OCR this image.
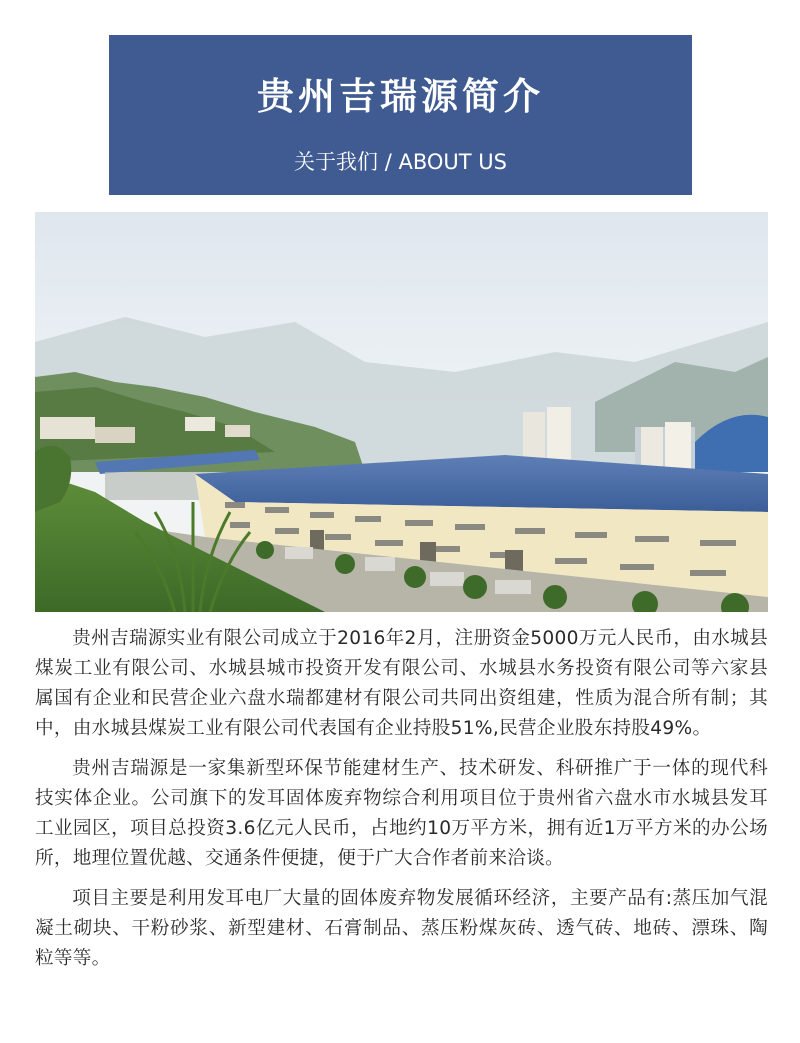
贵州吉瑞源简介
关于我们 / ABOUT US

贵州吉瑞源实业有限公司成立于2016年2月，注册资金5000万元人民币，由水城县煤炭工业有限公司、水城县城市投资开发有限公司、水城县水务投资有限公司等六家县属国有企业和民营企业六盘水瑞都建材有限公司共同出资组建，性质为混合所有制；其中，由水城县煤炭工业有限公司代表国有企业持股51%,民营企业股东持股49%。

贵州吉瑞源是一家集新型环保节能建材生产、技术研发、科研推广于一体的现代科技实体企业。公司旗下的发耳固体废弃物综合利用项目位于贵州省六盘水市水城县发耳工业园区，项目总投资3.6亿元人民币，占地约10万平方米，拥有近1万平方米的办公场所，地理位置优越、交通条件便捷，便于广大合作者前来洽谈。

项目主要是利用发耳电厂大量的固体废弃物发展循环经济，主要产品有:蒸压加气混凝土砌块、干粉砂浆、新型建材、石膏制品、蒸压粉煤灰砖、透气砖、地砖、漂珠、陶粒等等。
